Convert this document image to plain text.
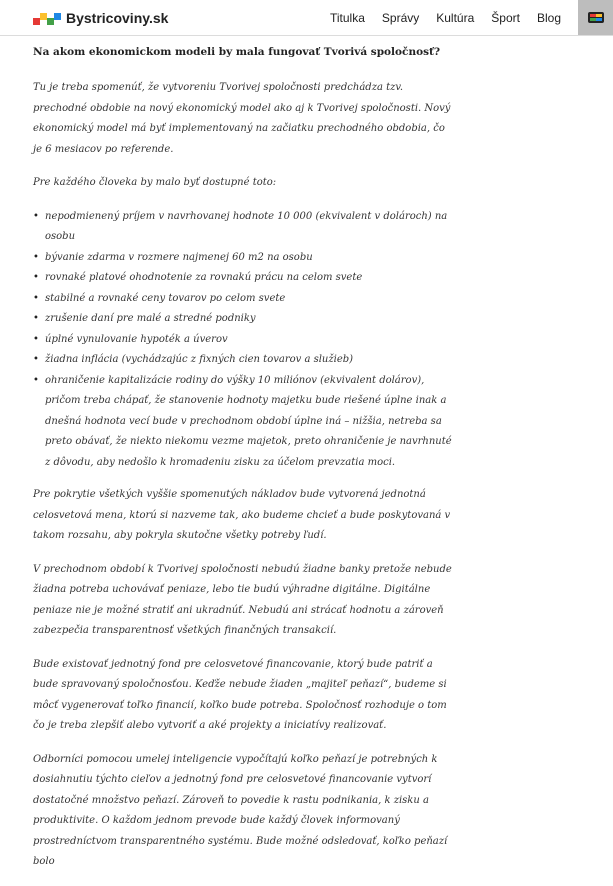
Bystricoviny.sk	Titulka Správy Kultúra Šport Blog
Na akom ekonomickom modeli by mala fungovať Tvorivá spoločnosť?

Tu je treba spomenúť, že vytvoreniu Tvorivej spoločnosti predchádza tzv. prechodné obdobie na nový ekonomický model ako aj k Tvorivej spoločnosti. Nový ekonomický model má byť implementovaný na začiatku prechodného obdobia, čo je 6 mesiacov po referende.

Pre každého človeka by malo byť dostupné toto:

• nepodmienený príjem v navrhovanej hodnote 10 000 (ekvivalent v dolároch) na osobu
• bývanie zdarma v rozmere najmenej 60 m2 na osobu
• rovnaké platové ohodnotenie za rovnakú prácu na celom svete
• stabilné a rovnaké ceny tovarov po celom svete
• zrušenie daní pre malé a stredné podniky
• úplné vynulovanie hypoték a úverov
• žiadna inflácia (vychádzajúc z fixných cien tovarov a služieb)
• ohraničenie kapitalizácie rodiny do výšky 10 miliónov (ekvivalent dolárov), pričom treba chápať, že stanovenie hodnoty majetku bude riešené úplne inak a dnešná hodnota vecí bude v prechodnom období úplne iná – nižšia, netreba sa preto obávať, že niekto niekomu vezme majetok, preto ohraničenie je navrhnuté z dôvodu, aby nedošlo k hromadeniu zisku za účelom prevzatia moci.

Pre pokrytie všetkých vyššie spomenutých nákladov bude vytvorená jednotná celosvetová mena, ktorú si nazveme tak, ako budeme chcieť a bude poskytovaná v takom rozsahu, aby pokryla skutočne všetky potreby ľudí.

V prechodnom období k Tvorivej spoločnosti nebudú žiadne banky pretože nebude žiadna potreba uchovávať peniaze, lebo tie budú výhradne digitálne. Digitálne peniaze nie je možné stratiť ani ukradnúť. Nebudú ani strácať hodnotu a zároveň zabezpečia transparentnosť všetkých finančných transakcií.

Bude existovať jednotný fond pre celosvetové financovanie, ktorý bude patriť a bude spravovaný spoločnosťou. Keďže nebude žiaden „majiteľ peňazí“, budeme si môcť vygenerovať toľko financií, koľko bude potreba. Spoločnosť rozhoduje o tom čo je treba zlepšiť alebo vytvoriť a aké projekty a iniciatívy realizovať.

Odborníci pomocou umelej inteligencie vypočítajú koľko peňazí je potrebných k dosiahnutiu týchto cieľov a jednotný fond pre celosvetové financovanie vytvorí dostatočné množstvo peňazí. Zároveň to povedie k rastu podnikania, k zisku a produktivite. O každom jednom prevode bude každý človek informovaný prostredníctvom transparentného systému. Bude možné odsledovať, koľko peňazí bolo
